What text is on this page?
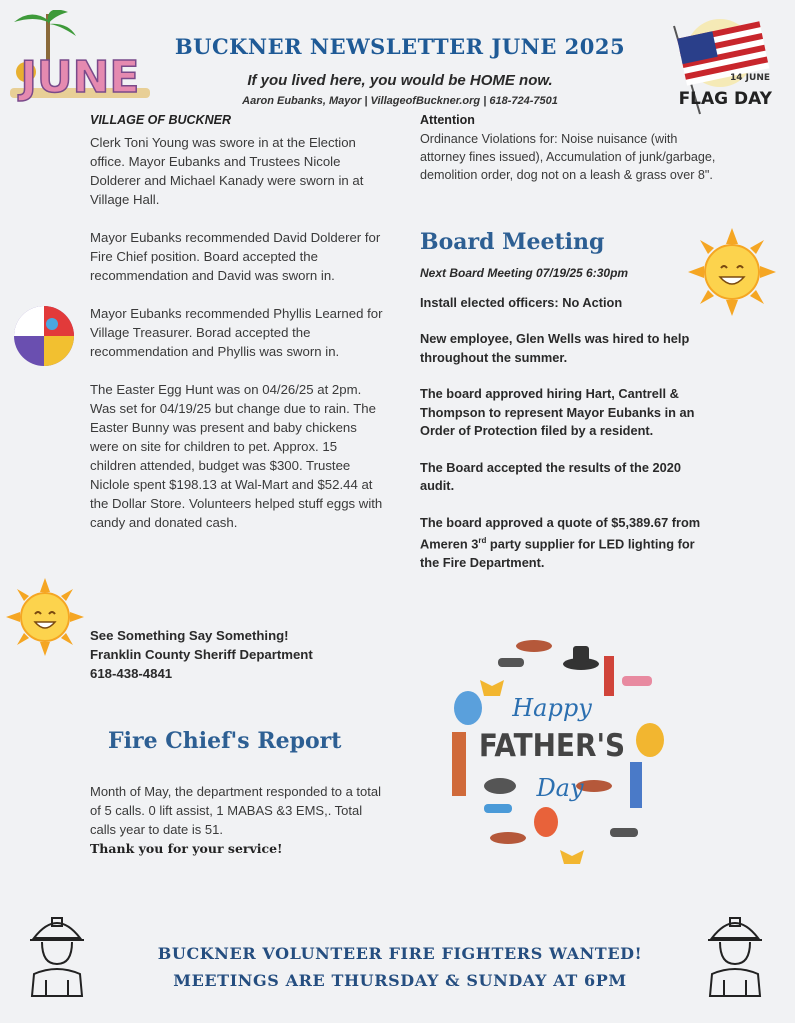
JUNE	14 JUNE
FLAG DAY
BUCKNER NEWSLETTER JUNE 2025
If you lived here, you would be HOME now.
Aaron Eubanks, Mayor | VillageofBuckner.org | 618-724-7501
VILLAGE OF BUCKNER

Clerk Toni Young was swore in at the Election office. Mayor Eubanks and Trustees Nicole Dolderer and Michael Kanady were sworn in at Village Hall.

Mayor Eubanks recommended David Dolderer for Fire Chief position. Board accepted the recommendation and David was sworn in.

Mayor Eubanks recommended Phyllis Learned for Village Treasurer. Borad accepted the recommendation and Phyllis was sworn in.

The Easter Egg Hunt was on 04/26/25 at 2pm. Was set for 04/19/25 but change due to rain. The Easter Bunny was present and baby chickens were on site for children to pet. Approx. 15 children attended, budget was $300. Trustee Niclole spent $198.13 at Wal-Mart and $52.44 at the Dollar Store. Volunteers helped stuff eggs with candy and donated cash.

See Something Say Something!
Franklin County Sheriff Department
618-438-4841
Fire Chief's Report

Month of May, the department responded to a total of 5 calls. 0 lift assist, 1 MABAS &3 EMS,. Total calls year to date is 51.

Thank you for your service!

Attention

Ordinance Violations for: Noise nuisance (with attorney fines issued), Accumulation of junk/garbage, demolition order, dog not on a leash & grass over 8".

Board Meeting

Next Board Meeting 07/19/25 6:30pm

Install elected officers: No Action

New employee, Glen Wells was hired to help throughout the summer.

The board approved hiring Hart, Cantrell & Thompson to represent Mayor Eubanks in an Order of Protection filed by a resident.

The Board accepted the results of the 2020 audit.

The board approved a quote of $5,389.67 from Ameren 3rd party supplier for LED lighting for the Fire Department.

Happy
FATHER'S
Day
BUCKNER VOLUNTEER FIRE FIGHTERS WANTED!
MEETINGS ARE THURSDAY & SUNDAY AT 6PM
